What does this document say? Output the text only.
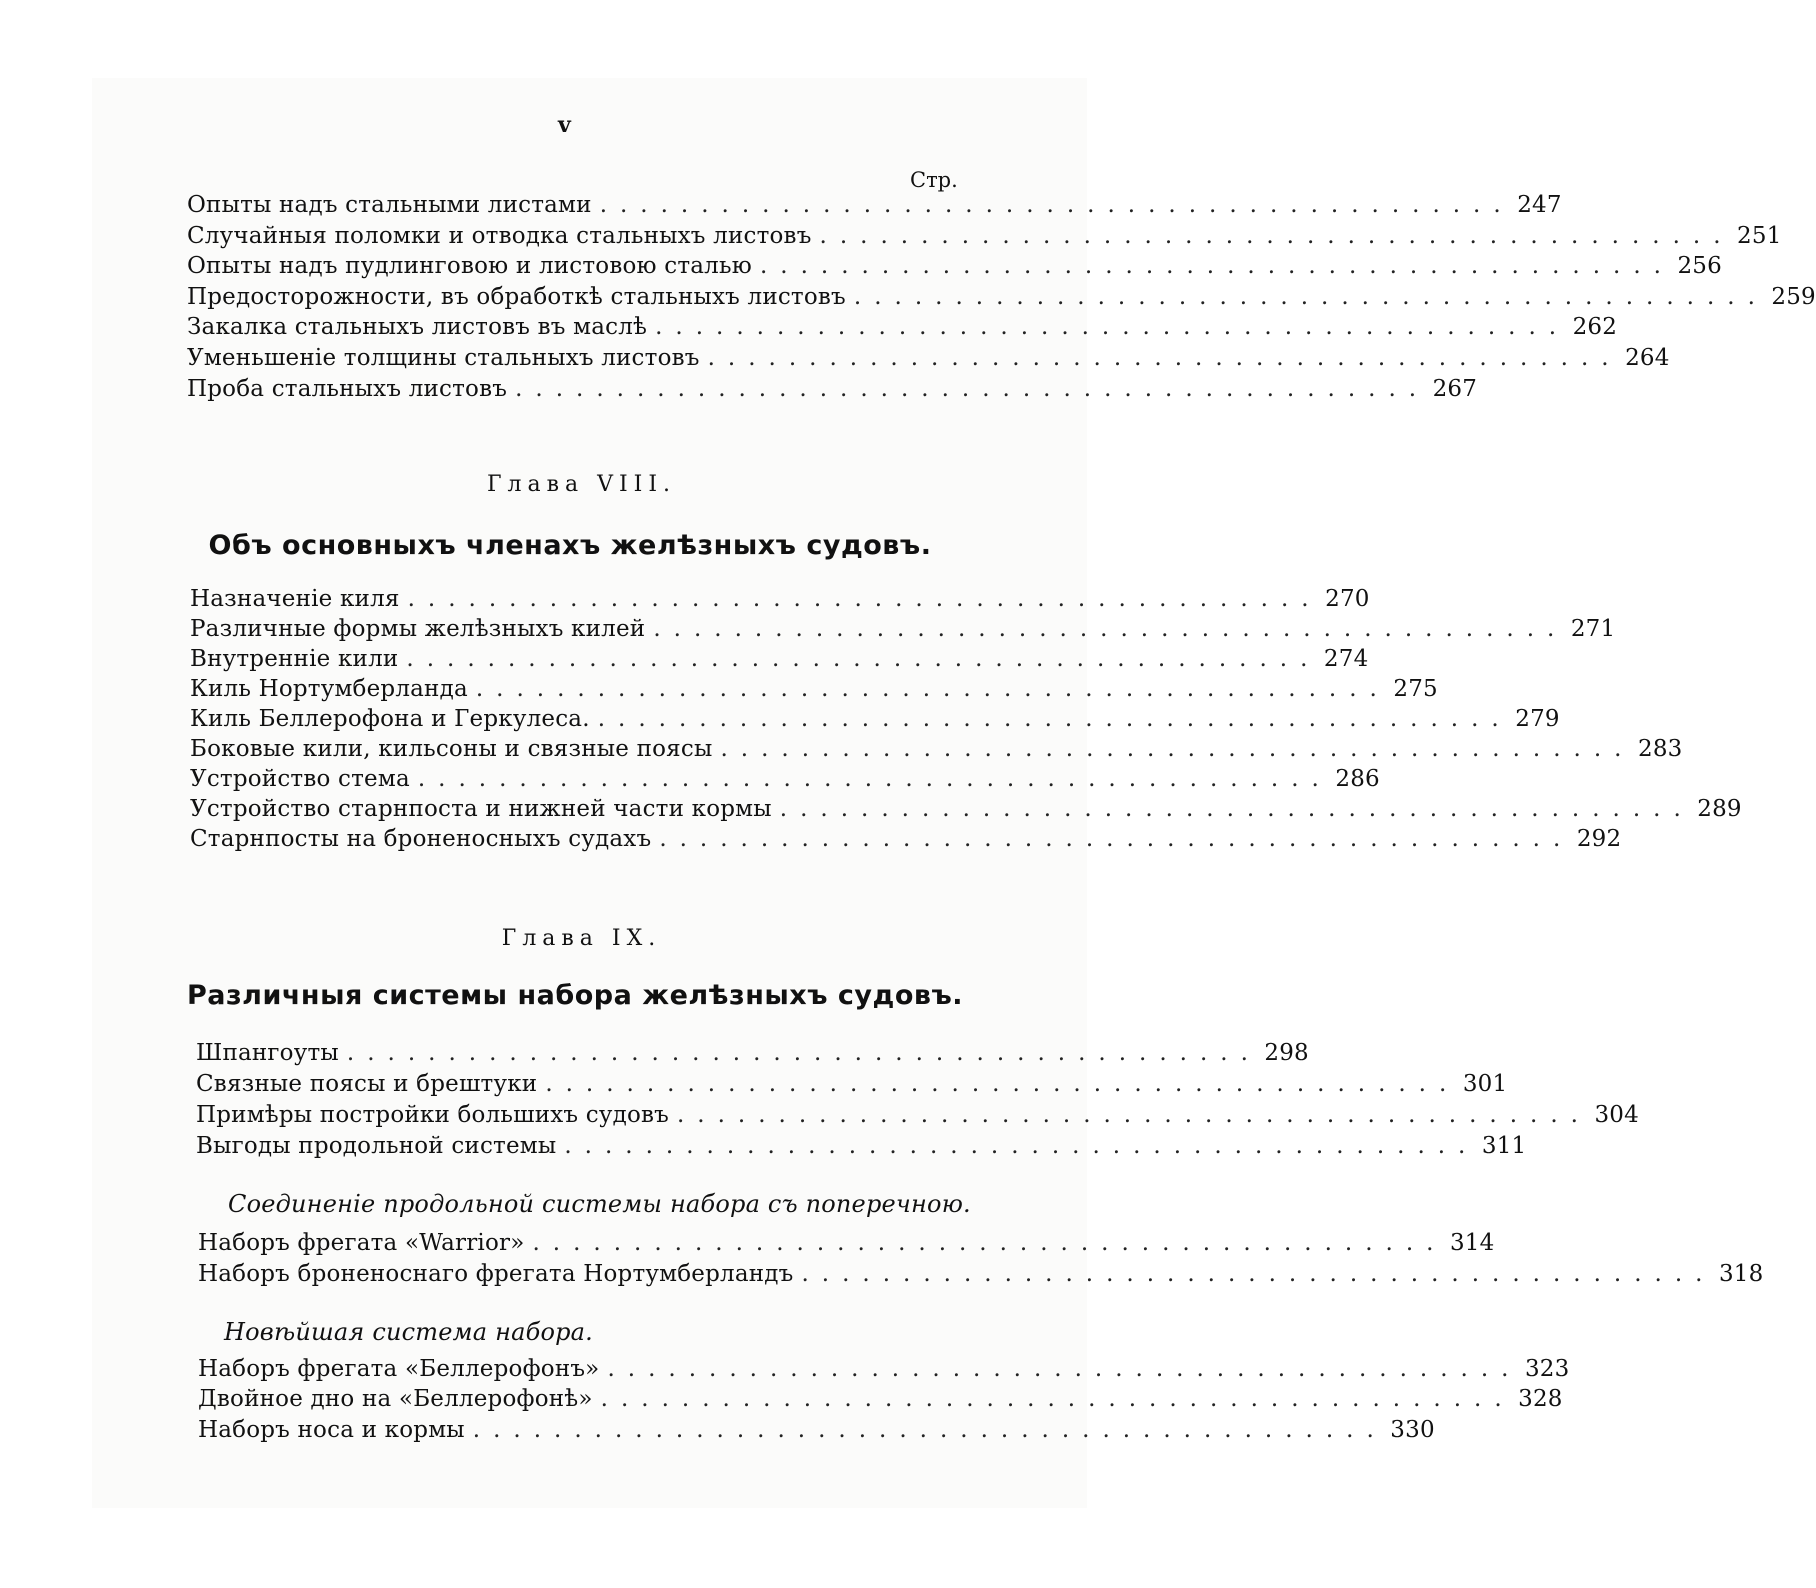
v
Стр.
Опыты надъ стальными листами ............................................. 247
Случайныя поломки и отводка стальныхъ листовъ ............................................. 251
Опыты надъ пудлинговою и листовою сталью ............................................. 256
Предосторожности, въ обработкѣ стальныхъ листовъ ............................................. 259
Закалка стальныхъ листовъ въ маслѣ ............................................. 262
Уменьшеніе толщины стальныхъ листовъ ............................................. 264
Проба стальныхъ листовъ ............................................. 267
Глава VIII.
Объ основныхъ членахъ желѣзныхъ судовъ.
Назначеніе киля ............................................. 270
Различные формы желѣзныхъ килей ............................................. 271
Внутренніе кили ............................................. 274
Киль Нортумберланда ............................................. 275
Киль Беллерофона и Геркулеса. ............................................. 279
Боковые кили, кильсоны и связные поясы ............................................. 283
Устройство стема ............................................. 286
Устройство старнпоста и нижней части кормы ............................................. 289
Старнпосты на броненосныхъ судахъ ............................................. 292
Глава IX.
Различныя системы набора желѣзныхъ судовъ.
Шпангоуты ............................................. 298
Связные поясы и брештуки ............................................. 301
Примѣры постройки большихъ судовъ ............................................. 304
Выгоды продольной системы ............................................. 311
Соединеніе продольной системы набора съ поперечною.
Наборъ фрегата «Warrior» ............................................. 314
Наборъ броненоснаго фрегата Нортумберландъ ............................................. 318
Новѣйшая система набора.
Наборъ фрегата «Беллерофонъ» ............................................. 323
Двойное дно на «Беллерофонѣ» ............................................. 328
Наборъ носа и кормы ............................................. 330
